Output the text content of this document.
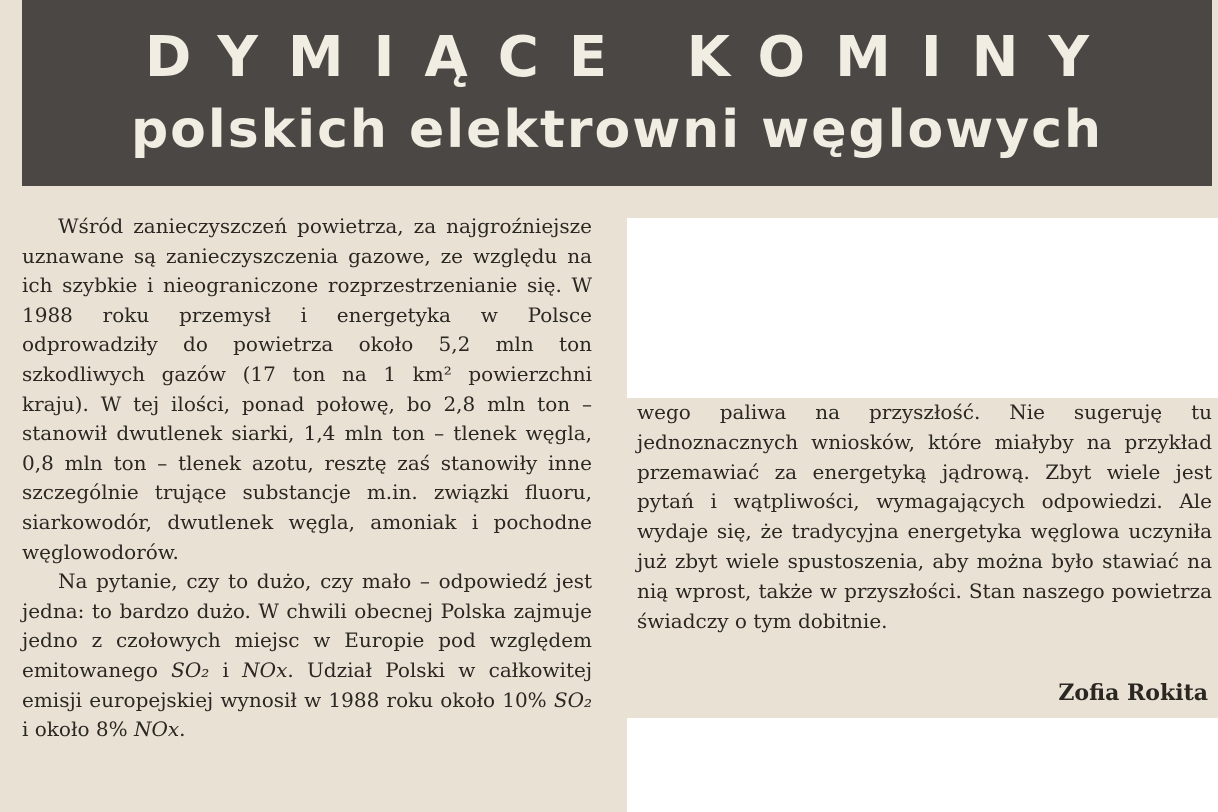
DYMIĄCE KOMINY
polskich elektrowni węglowych

Wśród zanieczyszczeń powietrza, za najgroźniejsze uznawane są zanieczyszczenia gazowe, ze względu na ich szybkie i nieograniczone rozprzestrzenianie się. W 1988 roku przemysł i energetyka w Polsce odprowadziły do powietrza około 5,2 mln ton szkodliwych gazów (17 ton na 1 km² powierzchni kraju). W tej ilości, ponad połowę, bo 2,8 mln ton – stanowił dwutlenek siarki, 1,4 mln ton – tlenek węgla, 0,8 mln ton – tlenek azotu, resztę zaś stanowiły inne szczególnie trujące substancje m.in. związki fluoru, siarkowodór, dwutlenek węgla, amoniak i pochodne węglowodorów.

Na pytanie, czy to dużo, czy mało – odpowiedź jest jedna: to bardzo dużo. W chwili obecnej Polska zajmuje jedno z czołowych miejsc w Europie pod względem emitowanego SO₂ i NOx. Udział Polski w całkowitej emisji europejskiej wynosił w 1988 roku około 10% SO₂ i około 8% NOx.

wego paliwa na przyszłość. Nie sugeruję tu jednoznacznych wniosków, które miałyby na przykład przemawiać za energetyką jądrową. Zbyt wiele jest pytań i wątpliwości, wymagających odpowiedzi. Ale wydaje się, że tradycyjna energetyka węglowa uczyniła już zbyt wiele spustoszenia, aby można było stawiać na nią wprost, także w przyszłości. Stan naszego powietrza świadczy o tym dobitnie.

Zofia Rokita
